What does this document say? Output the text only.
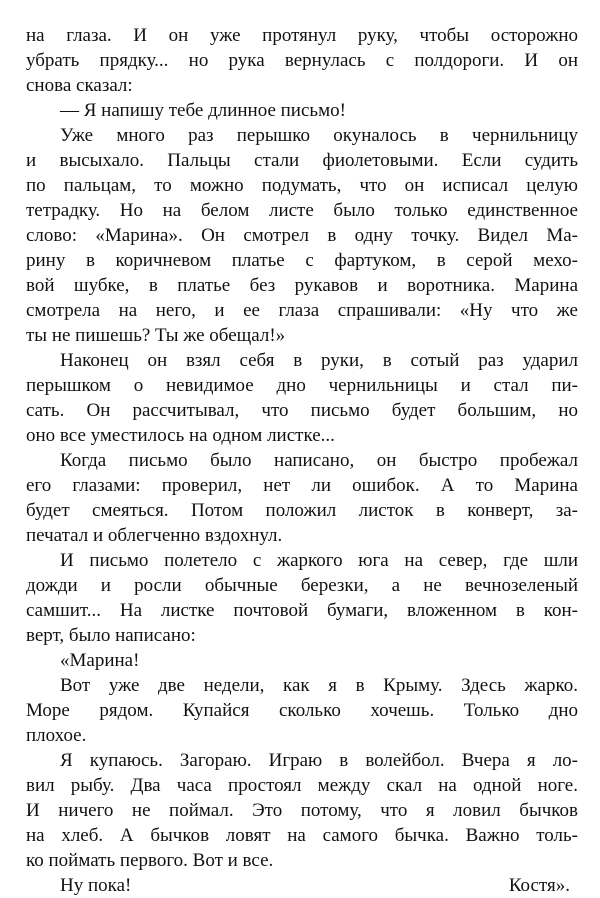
на глаза. И он уже протянул руку, чтобы осторожно
убрать прядку... но рука вернулась с полдороги. И он
снова сказал:
— Я напишу тебе длинное письмо!
Уже много раз перышко окуналось в чернильницу
и высыхало. Пальцы стали фиолетовыми. Если судить
по пальцам, то можно подумать, что он исписал целую
тетрадку. Но на белом листе было только единственное
слово: «Марина». Он смотрел в одну точку. Видел Ма-
рину в коричневом платье с фартуком, в серой мехо-
вой шубке, в платье без рукавов и воротника. Марина
смотрела на него, и ее глаза спрашивали: «Ну что же
ты не пишешь? Ты же обещал!»
Наконец он взял себя в руки, в сотый раз ударил
перышком о невидимое дно чернильницы и стал пи-
сать. Он рассчитывал, что письмо будет большим, но
оно все уместилось на одном листке...
Когда письмо было написано, он быстро пробежал
его глазами: проверил, нет ли ошибок. А то Марина
будет смеяться. Потом положил листок в конверт, за-
печатал и облегченно вздохнул.
И письмо полетело с жаркого юга на север, где шли
дожди и росли обычные березки, а не вечнозеленый
самшит... На листке почтовой бумаги, вложенном в кон-
верт, было написано:
«Марина!
Вот уже две недели, как я в Крыму. Здесь жарко.
Море рядом. Купайся сколько хочешь. Только дно
плохое.
Я купаюсь. Загораю. Играю в волейбол. Вчера я ло-
вил рыбу. Два часа простоял между скал на одной ноге.
И ничего не поймал. Это потому, что я ловил бычков
на хлеб. А бычков ловят на самого бычка. Важно толь-
ко поймать первого. Вот и все.
Ну пока!	Костя».
